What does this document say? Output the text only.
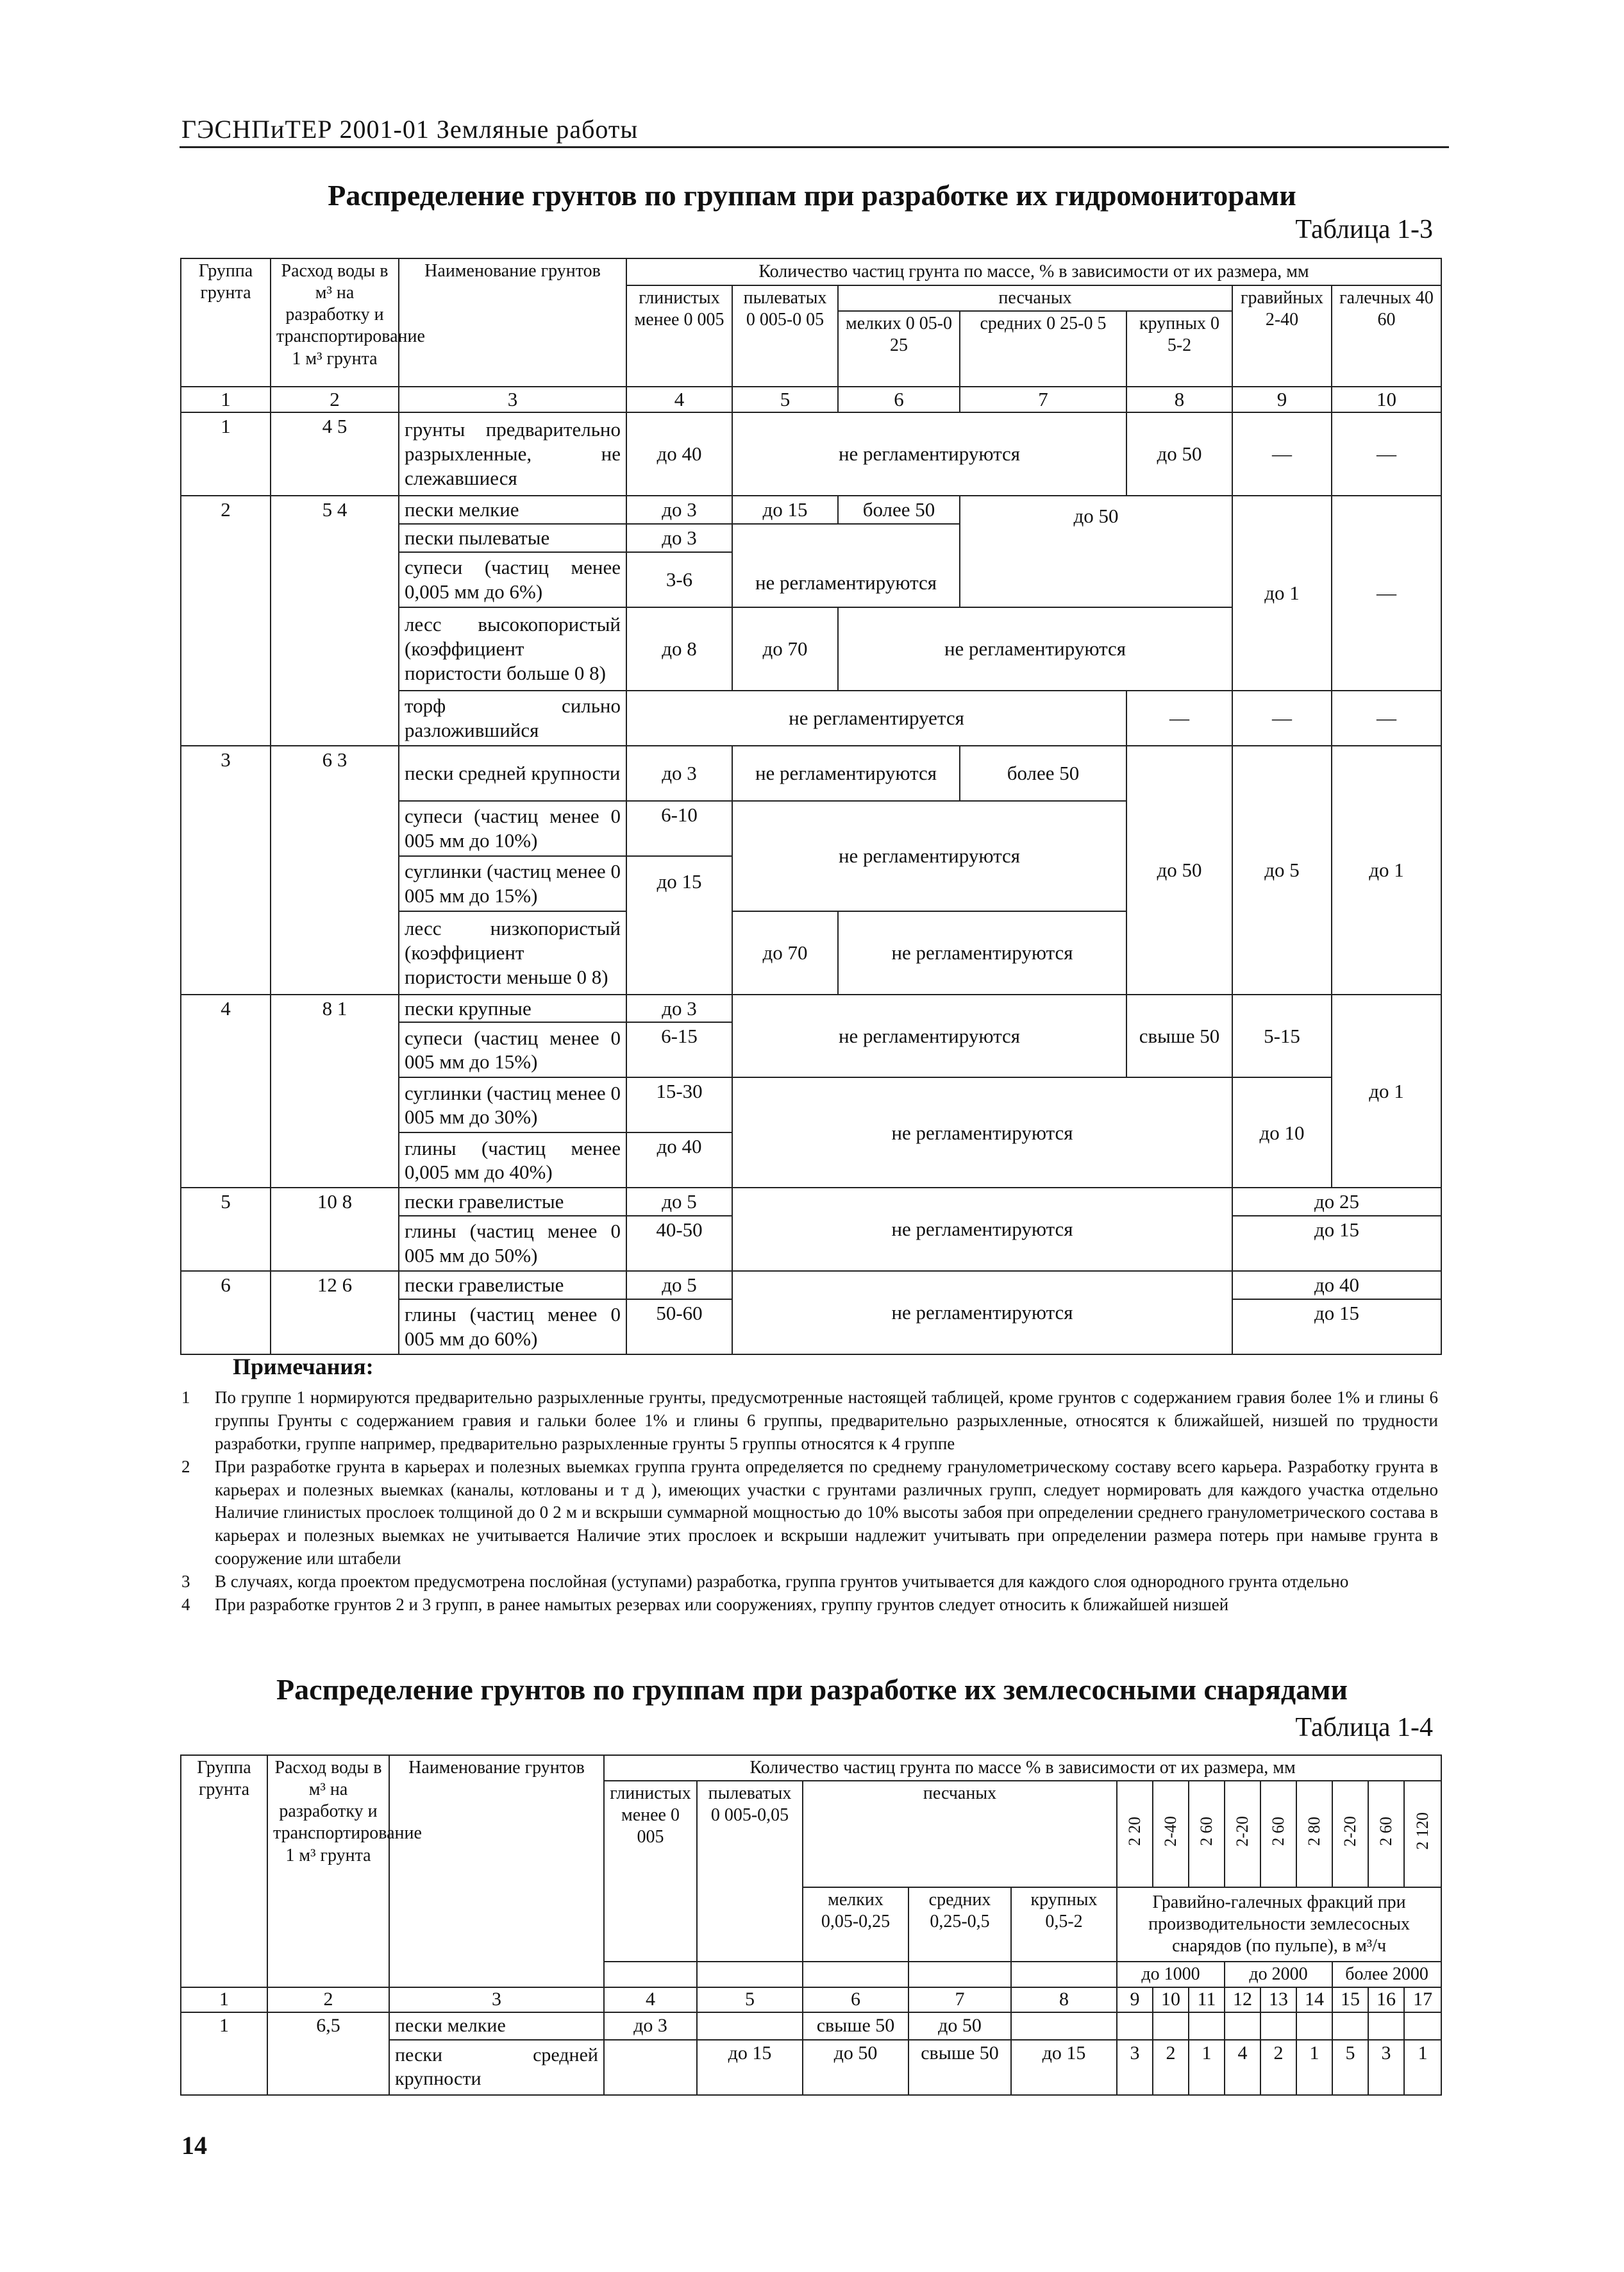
ГЭСНПиТЕР 2001-01 Земляные работы
Распределение грунтов по группам при разработке их гидромониторами
Таблица 1-3
Группа грунта	Расход воды в м³ на разработку и транспортирование 1 м³ грунта	Наименование грунтов	Количество частиц грунта по массе, % в зависимости от их размера, мм						
			глинистых менее 0 005	пылеватых 0 005-0 05	песчаных			гравийных 2-40	галечных 40 60
					мелких 0 05-0 25	средних 0 25-0 5	крупных 0 5-2		
1	2	3	4	5	6	7	8	9	10
1	4 5	грунты предварительно разрыхленные, не слежавшиеся	до 40	не регламентируются			до 50	—	—
2	5 4	пески мелкие	до 3	до 15	более 50	до 50		до 1	—
		пески пылеватые	до 3	не регламентируются					
		супеси (частиц менее 0,005 мм до 6%)	3-6						
		лесс высокопористый (коэффициент пористости больше 0 8)	до 8	до 70	не регламентируются				
		торф сильно разложившийся	не регламентируется				—	—	—
3	6 3	пески средней крупности	до 3	не регламентируются		более 50	до 50	до 5	до 1
		супеси (частиц менее 0 005 мм до 10%)	6-10	не регламентируются					
		суглинки (частиц менее 0 005 мм до 15%)	до 15						
		лесс низкопористый (коэффициент пористости меньше 0 8)		до 70	не регламентируются				
4	8 1	пески крупные	до 3	не регламентируются			свыше 50	5-15	до 1
		супеси (частиц менее 0 005 мм до 15%)	6-15						
		суглинки (частиц менее 0 005 мм до 30%)	15-30	не регламентируются				до 10	
		глины (частиц менее 0,005 мм до 40%)	до 40						
5	10 8	пески гравелистые	до 5	не регламентируются				до 25	
		глины (частиц менее 0 005 мм до 50%)	40-50					до 15	
6	12 6	пески гравелистые	до 5	не регламентируются				до 40	
		глины (частиц менее 0 005 мм до 60%)	50-60					до 15	
Примечания:
1	По группе 1 нормируются предварительно разрыхленные грунты, предусмотренные настоящей таблицей, кроме грунтов с содержанием гравия более 1% и глины 6 группы Грунты с содержанием гравия и гальки более 1% и глины 6 группы, предварительно разрыхленные, относятся к ближайшей, низшей по трудности разработки, группе например, предварительно разрыхленные грунты 5 группы относятся к 4 группе
2	При разработке грунта в карьерах и полезных выемках группа грунта определяется по среднему гранулометрическому составу всего карьера. Разработку грунта в карьерах и полезных выемках (каналы, котлованы и т д ), имеющих участки с грунтами различных групп, следует нормировать для каждого участка отдельно Наличие глинистых прослоек толщиной до 0 2 м и вскрыши суммарной мощностью до 10% высоты забоя при определении среднего гранулометрического состава в карьерах и полезных выемках не учитывается Наличие этих прослоек и вскрыши надлежит учитывать при определении размера потерь при намыве грунта в сооружение или штабели
3	В случаях, когда проектом предусмотрена послойная (уступами) разработка, группа грунтов учитывается для каждого слоя однородного грунта отдельно
4	При разработке грунтов 2 и 3 групп, в ранее намытых резервах или сооружениях, группу грунтов следует относить к ближайшей низшей
Распределение грунтов по группам при разработке их землесосными снарядами
Таблица 1-4
Группа грунта	Расход воды в м³ на разработку и транспортирование 1 м³ грунта	Наименование грунтов	Количество частиц грунта по массе % в зависимости от их размера, мм													
			глинистых менее 0 005	пылеватых 0 005-0,05	песчаных			2 20	2-40	2 60	2-20	2 60	2 80	2-20	2 60	2 120
					мелких 0,05-0,25	средних 0,25-0,5	крупных 0,5-2	Гравийно-галечных фракций при производительности землесосных снарядов (по пульпе), в м³/ч								
								до 1000			до 2000			более 2000		
1	2	3	4	5	6	7	8	9	10	11	12	13	14	15	16	17
1	6,5	пески мелкие	до 3		свыше 50	до 50										
		пески средней крупности		до 15	до 50	свыше 50	до 15	3	2	1	4	2	1	5	3	1
14
